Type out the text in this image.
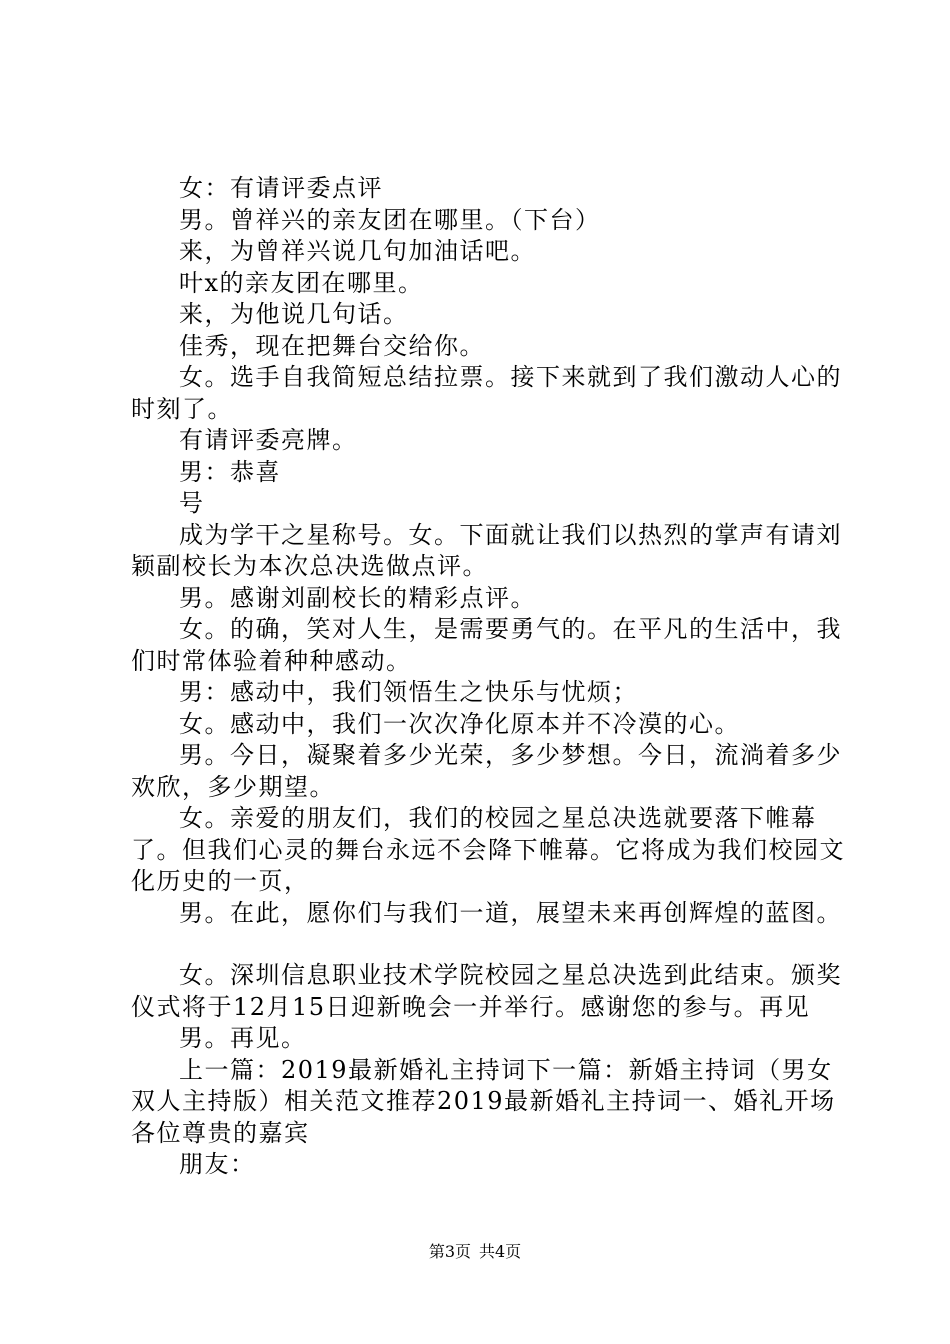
女：有请评委点评

男。曾祥兴的亲友团在哪里。（下台）

来，为曾祥兴说几句加油话吧。

叶x的亲友团在哪里。

来，为他说几句话。

佳秀，现在把舞台交给你。

女。选手自我简短总结拉票。接下来就到了我们激动人心的时刻了。

有请评委亮牌。

男：恭喜

号

成为学干之星称号。女。下面就让我们以热烈的掌声有请刘颖副校长为本次总决选做点评。

男。感谢刘副校长的精彩点评。

女。的确，笑对人生，是需要勇气的。在平凡的生活中，我们时常体验着种种感动。

男：感动中，我们领悟生之快乐与忧烦；

女。感动中，我们一次次净化原本并不冷漠的心。

男。今日，凝聚着多少光荣，多少梦想。今日，流淌着多少欢欣，多少期望。

女。亲爱的朋友们，我们的校园之星总决选就要落下帷幕了。但我们心灵的舞台永远不会降下帷幕。它将成为我们校园文化历史的一页，

男。在此，愿你们与我们一道，展望未来再创辉煌的蓝图。

女。深圳信息职业技术学院校园之星总决选到此结束。颁奖仪式将于12月15日迎新晚会一并举行。感谢您的参与。再见

男。再见。

上一篇：2019最新婚礼主持词下一篇：新婚主持词（男女双人主持版）相关范文推荐2019最新婚礼主持词一、婚礼开场各位尊贵的嘉宾

朋友：

第3页 共4页
